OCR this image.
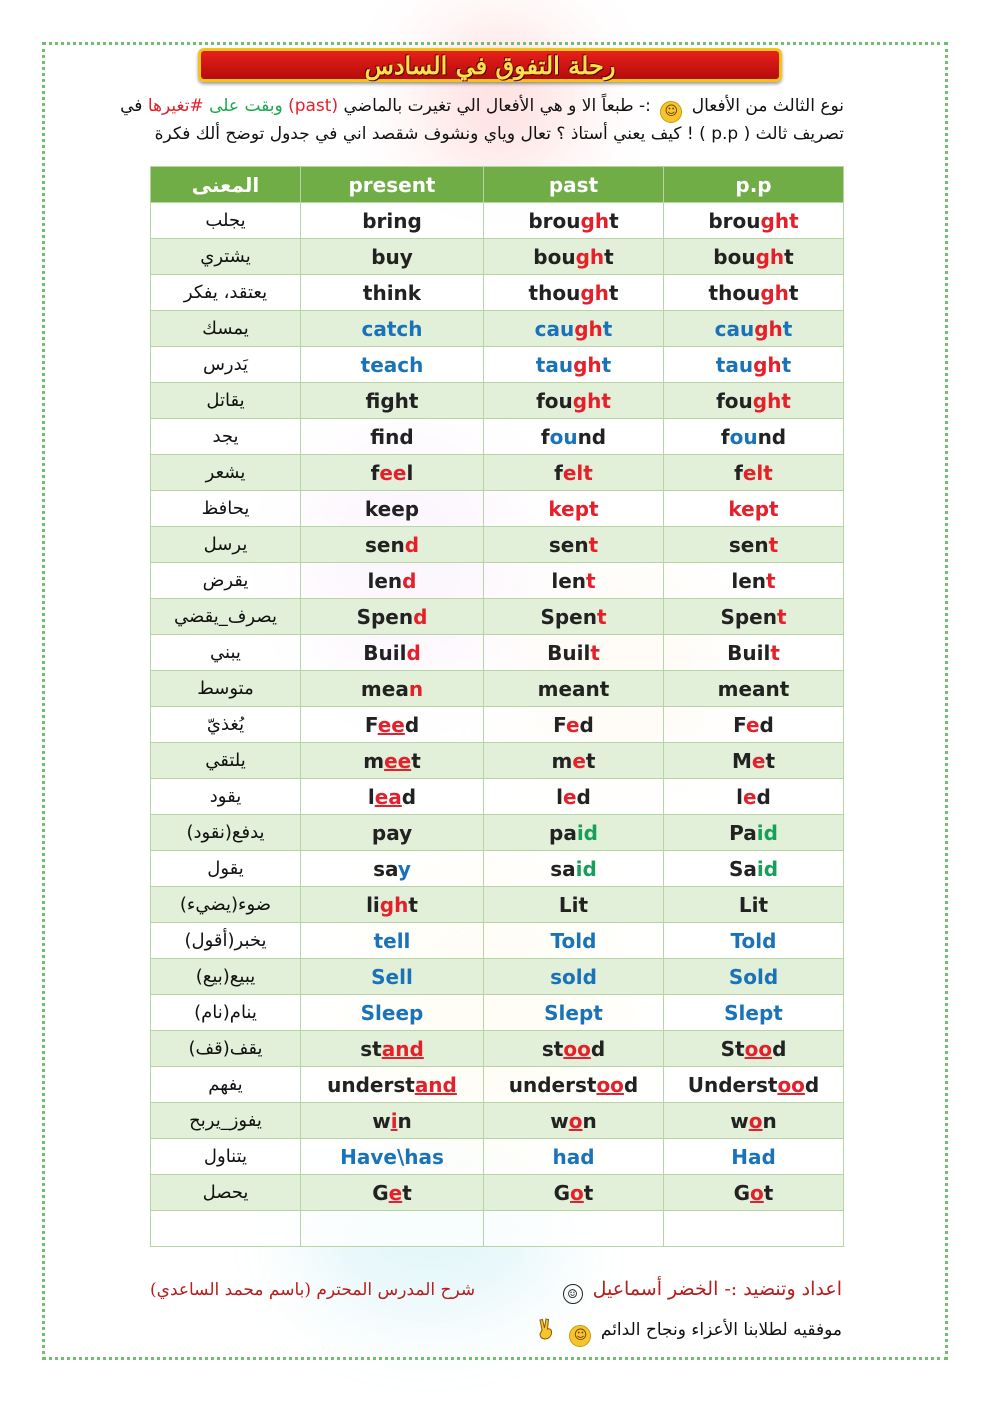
رحلة التفوق في السادس
نوع الثالث من الأفعال ☺ :- طبعاً الا و هي الأفعال الي تغيرت بالماضي (past) وبقت على #تغيرها في
تصريف ثالث ( p.p ) ! كيف يعني أستاذ ؟ تعال وياي ونشوف شقصد اني في جدول توضح ألك فكرة
المعنى	present	past	p.p
يجلب	bring	brought	brought
يشتري	buy	bought	bought
يعتقد، يفكر	think	thought	thought
يمسك	catch	caught	caught
يَدرس	teach	taught	taught
يقاتل	fight	fought	fought
يجد	fnd	found	found
يشعر	feel	felt	felt
يحافظ	keep	kept	kept
يرسل	send	sent	sent
يقرض	lend	lent	lent
يصرف_يقضي	Spend	Spent	Spent
يبني	Build	Built	Built
متوسط	mean	meant	meant
يُغذيّ	Feed	Fed	Fed
يلتقي	meet	met	Met
يقود	lead	led	led
يدفع(نقود)	pay	paid	Paid
يقول	say	said	Said
ضوء(يضيء)	light	Lit	Lit
يخبر(أقول)	tell	Told	Told
يبيع(بيع)	Sell	sold	Sold
ينام(نام)	Sleep	Slept	Slept
يقف(قف)	stand	stood	Stood
يفهم	understand	understood	Understood
يفوز_يربح	win	won	won
يتناول	Have\has	had	Had
يحصل	Get	Got	Got

اعداد وتنضيد :- الخضر أسماعيل ☺
شرح المدرس المحترم (باسم محمد الساعدي)
موفقيه لطلابنا الأعزاء ونجاح الدائم ☺
